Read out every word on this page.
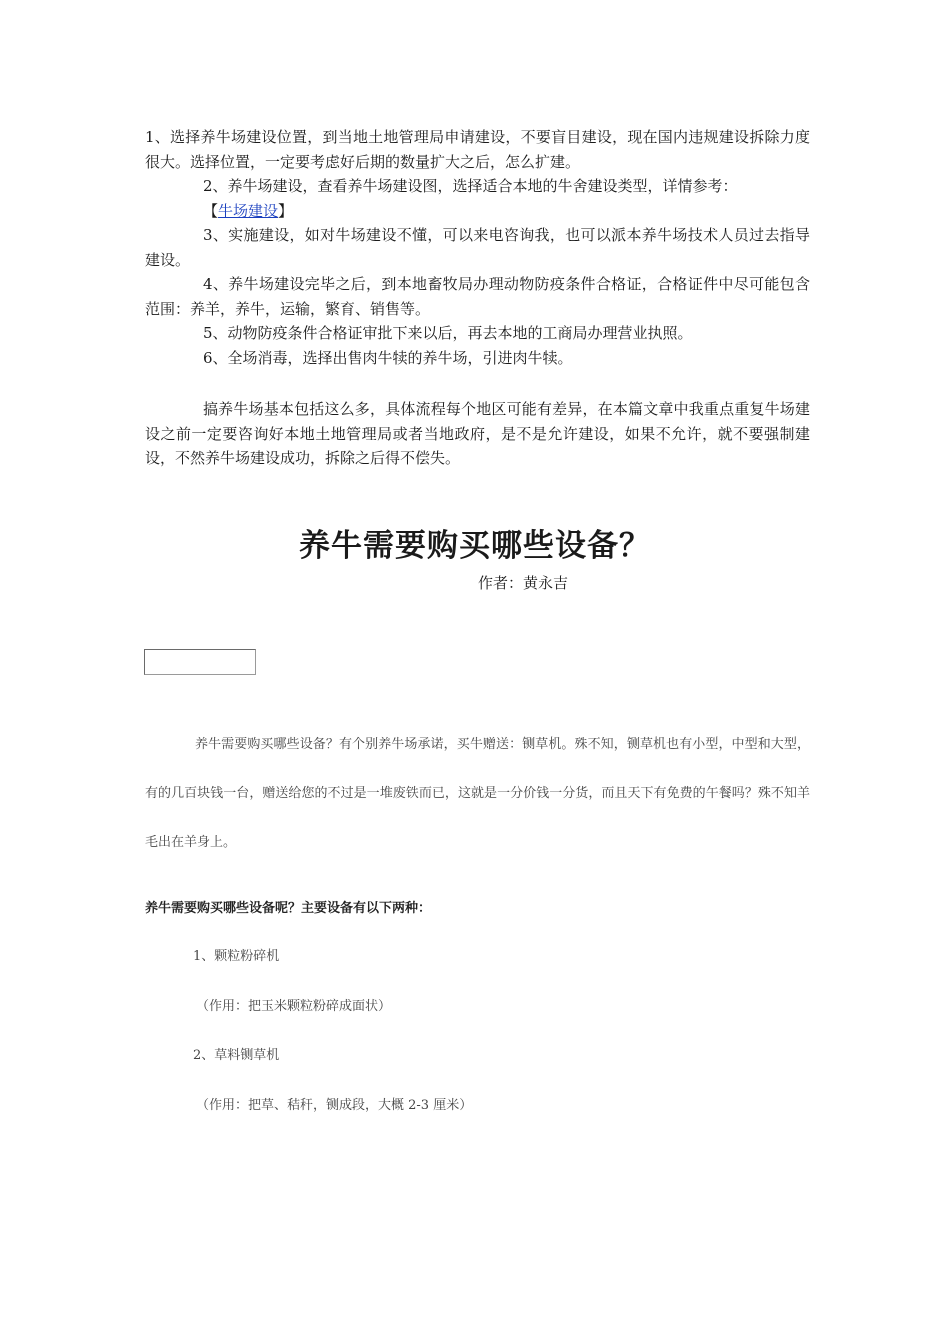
1、选择养牛场建设位置，到当地土地管理局申请建设，不要盲目建设，现在国内违规建设拆除力度很大。选择位置，一定要考虑好后期的数量扩大之后，怎么扩建。

2、养牛场建设，查看养牛场建设图，选择适合本地的牛舍建设类型，详情参考：

【牛场建设】

3、实施建设，如对牛场建设不懂，可以来电咨询我，也可以派本养牛场技术人员过去指导建设。

4、养牛场建设完毕之后，到本地畜牧局办理动物防疫条件合格证，合格证件中尽可能包含范围：养羊，养牛，运输，繁育、销售等。

5、动物防疫条件合格证审批下来以后，再去本地的工商局办理营业执照。

6、全场消毒，选择出售肉牛犊的养牛场，引进肉牛犊。

搞养牛场基本包括这么多，具体流程每个地区可能有差异，在本篇文章中我重点重复牛场建设之前一定要咨询好本地土地管理局或者当地政府，是不是允许建设，如果不允许，就不要强制建设，不然养牛场建设成功，拆除之后得不偿失。

养牛需要购买哪些设备？
作者：黄永吉

养牛需要购买哪些设备？有个别养牛场承诺，买牛赠送：铡草机。殊不知，铡草机也有小型，中型和大型，有的几百块钱一台，赠送给您的不过是一堆废铁而已，这就是一分价钱一分货，而且天下有免费的午餐吗？殊不知羊毛出在羊身上。

养牛需要购买哪些设备呢？主要设备有以下两种：
1、颗粒粉碎机
（作用：把玉米颗粒粉碎成面状）
2、草料铡草机
（作用：把草、秸秆，铡成段，大概 2-3 厘米）
